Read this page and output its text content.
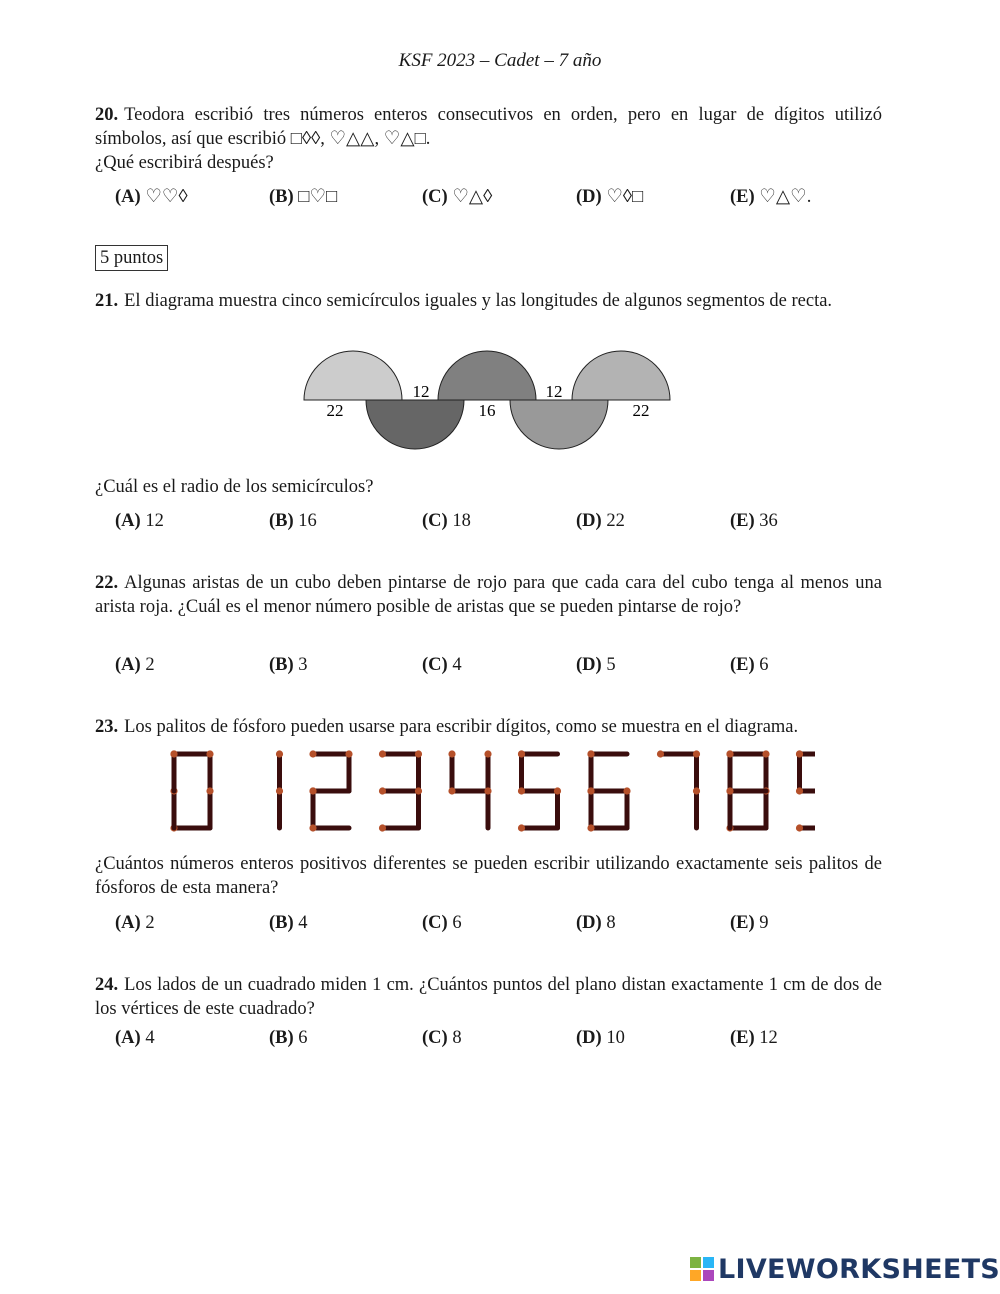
KSF 2023 – Cadet – 7 año
20. Teodora escribió tres números enteros consecutivos en orden, pero en lugar de dígitos utilizó símbolos, así que escribió □◊◊, ♡△△, ♡△□.
¿Qué escribirá después?
(A) ♡♡◊	(B) □♡□	(C) ♡△◊	(D) ♡◊□	(E) ♡△♡.
5 puntos
21. El diagrama muestra cinco semicírculos iguales y las longitudes de algunos segmentos de recta.
22
12
16
12
22
¿Cuál es el radio de los semicírculos?
(A) 12	(B) 16	(C) 18	(D) 22	(E) 36
22. Algunas aristas de un cubo deben pintarse de rojo para que cada cara del cubo tenga al menos una arista roja. ¿Cuál es el menor número posible de aristas que se pueden pintarse de rojo?
(A) 2	(B) 3	(C) 4	(D) 5	(E) 6
23. Los palitos de fósforo pueden usarse para escribir dígitos, como se muestra en el diagrama.
¿Cuántos números enteros positivos diferentes se pueden escribir utilizando exactamente seis palitos de fósforos de esta manera?
(A) 2	(B) 4	(C) 6	(D) 8	(E) 9
24. Los lados de un cuadrado miden 1 cm. ¿Cuántos puntos del plano distan exactamente 1 cm de dos de los vértices de este cuadrado?
(A) 4	(B) 6	(C) 8	(D) 10	(E) 12
LIVEWORKSHEETS
